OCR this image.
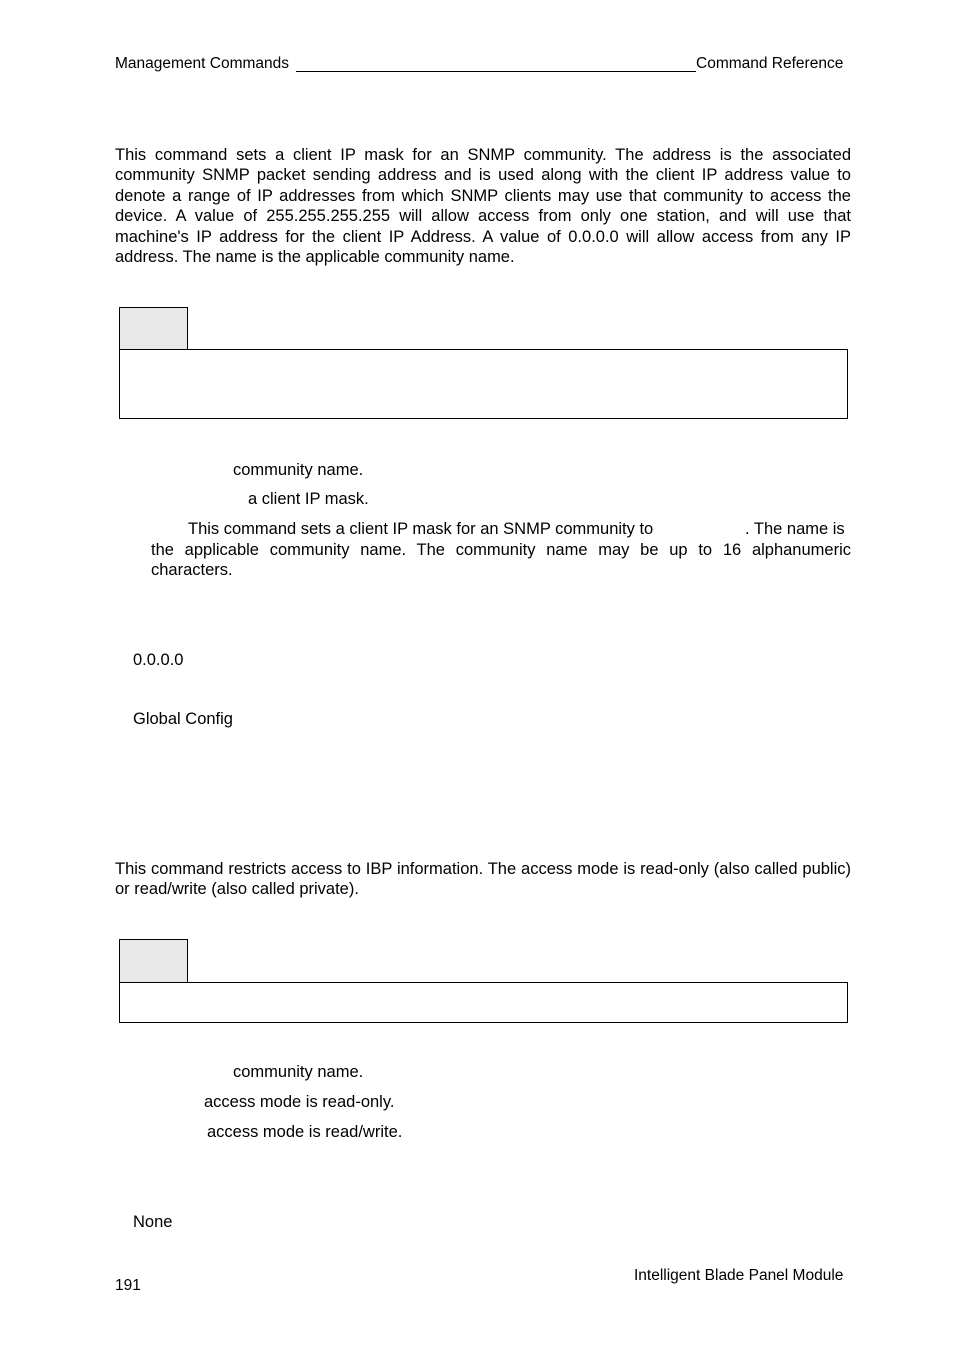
Management Commands	Command Reference
This command sets a client IP mask for an SNMP community. The address is the associated community SNMP packet sending address and is used along with the client IP address value to denote a range of IP addresses from which SNMP clients may use that community to access the device. A value of 255.255.255.255 will allow access from only one station, and will use that machine's IP address for the client IP Address. A value of 0.0.0.0 will allow access from any IP address. The name is the applicable community name.
community name.
a client IP mask.
This command sets a client IP mask for an SNMP community to	. The name is
the applicable community name. The community name may be up to 16 alphanumeric characters.
0.0.0.0
Global Config
This command restricts access to IBP information. The access mode is read-only (also called public) or read/write (also called private).
community name.
access mode is read-only.
access mode is read/write.
None
Intelligent Blade Panel Module
191
